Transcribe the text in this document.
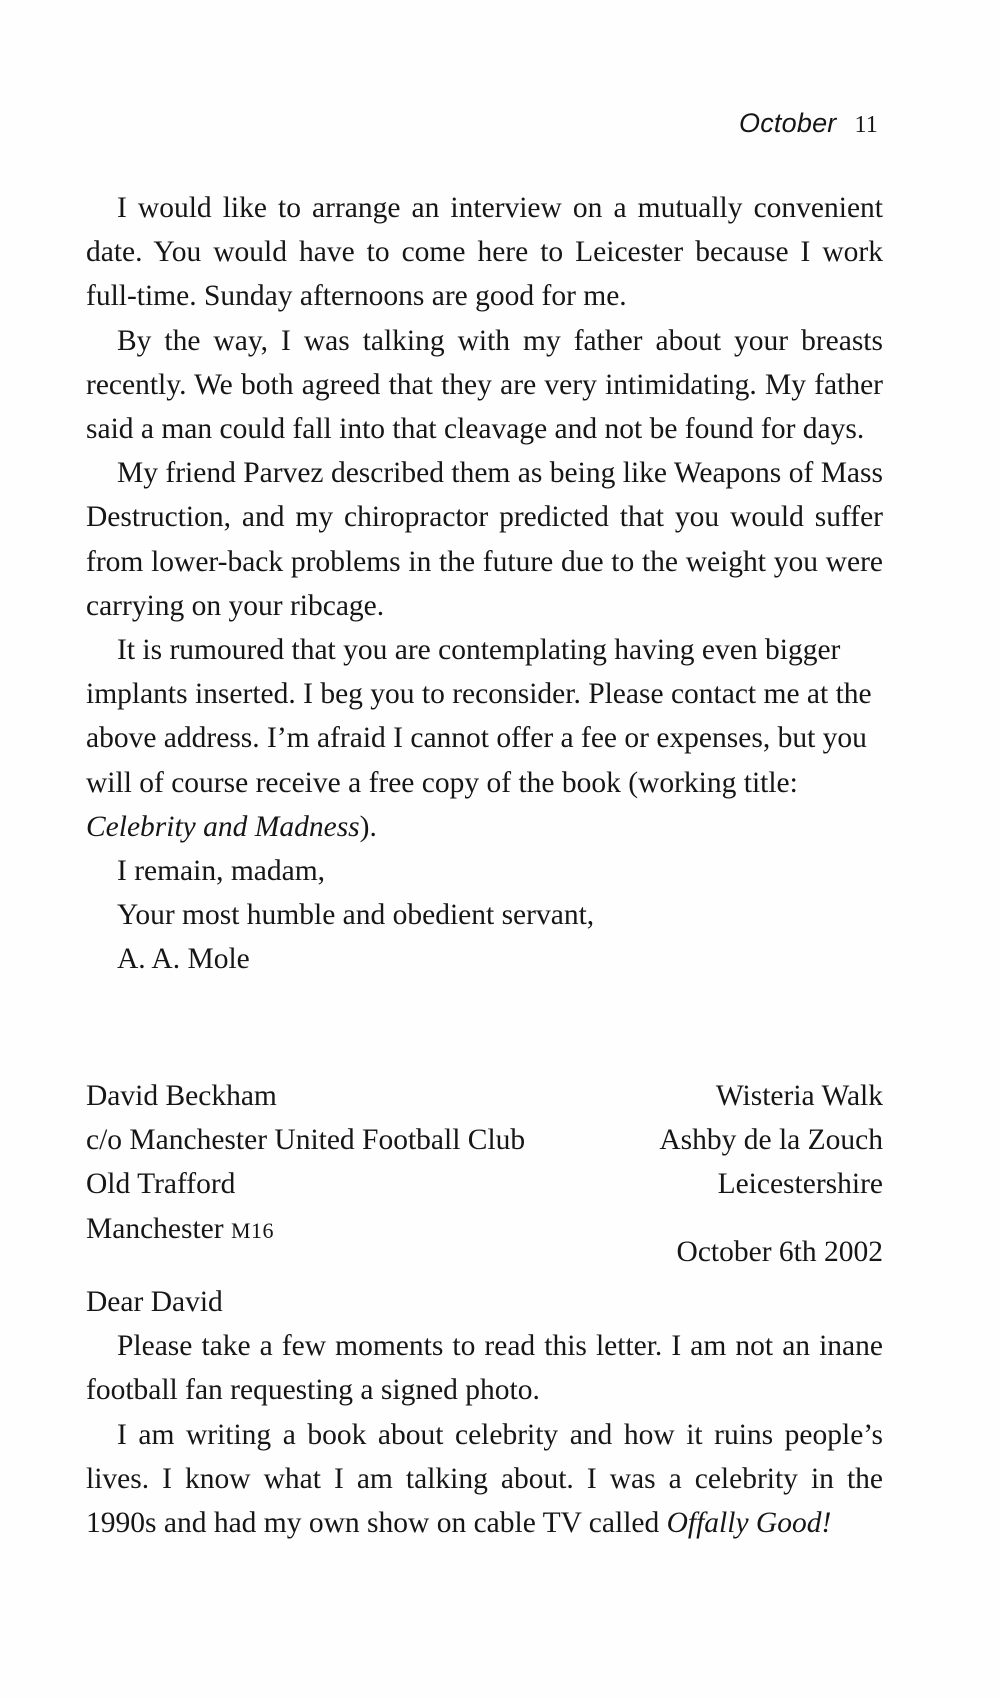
October 11

I would like to arrange an interview on a mutually convenient date. You would have to come here to Leicester because I work full-time. Sunday afternoons are good for me.

By the way, I was talking with my father about your breasts recently. We both agreed that they are very intimidating. My father said a man could fall into that cleavage and not be found for days.

My friend Parvez described them as being like Weapons of Mass Destruction, and my chiropractor predicted that you would suffer from lower-back problems in the future due to the weight you were carrying on your ribcage.

It is rumoured that you are contemplating having even bigger implants inserted. I beg you to reconsider. Please contact me at the above address. I’m afraid I cannot offer a fee or expenses, but you will of course receive a free copy of the book (working title: Celebrity and Madness).

I remain, madam,
Your most humble and obedient servant,
A. A. Mole
David Beckham
c/o Manchester United Football Club
Old Trafford
Manchester M16
Wisteria Walk
Ashby de la Zouch
Leicestershire
October 6th 2002
Dear David

Please take a few moments to read this letter. I am not an inane football fan requesting a signed photo.

I am writing a book about celebrity and how it ruins people’s lives. I know what I am talking about. I was a celebrity in the 1990s and had my own show on cable TV called Offally Good!
